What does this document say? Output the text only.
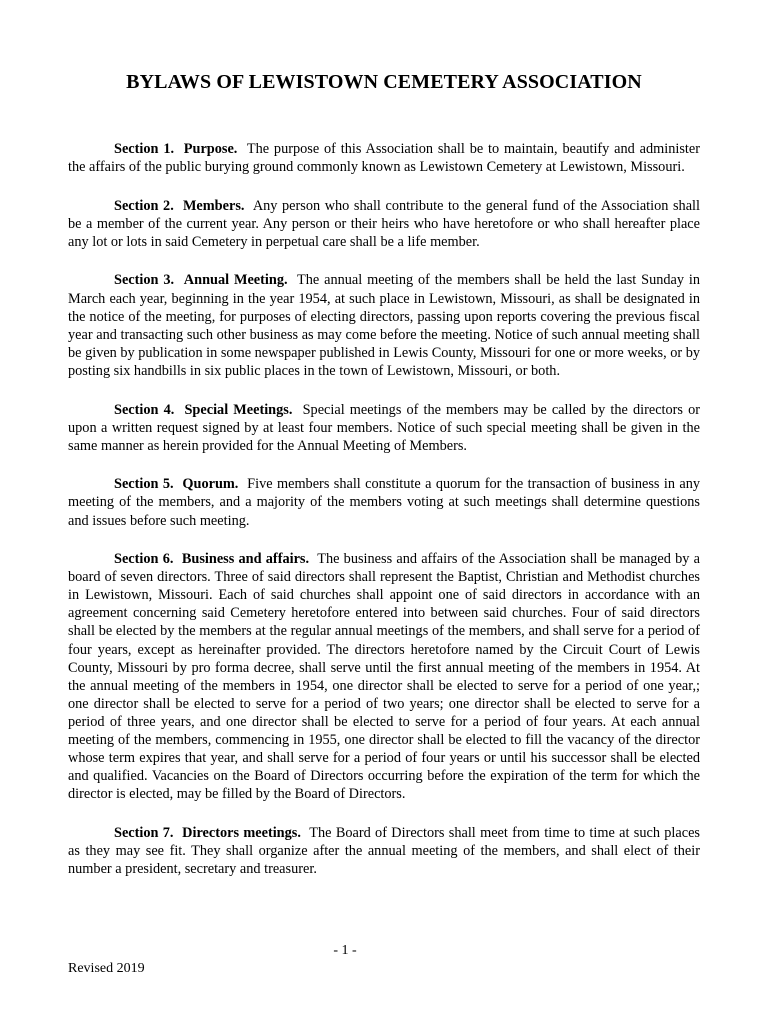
BYLAWS OF LEWISTOWN CEMETERY ASSOCIATION

Section 1. Purpose. The purpose of this Association shall be to maintain, beautify and administer the affairs of the public burying ground commonly known as Lewistown Cemetery at Lewistown, Missouri.

Section 2. Members. Any person who shall contribute to the general fund of the Association shall be a member of the current year. Any person or their heirs who have heretofore or who shall hereafter place any lot or lots in said Cemetery in perpetual care shall be a life member.

Section 3. Annual Meeting. The annual meeting of the members shall be held the last Sunday in March each year, beginning in the year 1954, at such place in Lewistown, Missouri, as shall be designated in the notice of the meeting, for purposes of electing directors, passing upon reports covering the previous fiscal year and transacting such other business as may come before the meeting. Notice of such annual meeting shall be given by publication in some newspaper published in Lewis County, Missouri for one or more weeks, or by posting six handbills in six public places in the town of Lewistown, Missouri, or both.

Section 4. Special Meetings. Special meetings of the members may be called by the directors or upon a written request signed by at least four members. Notice of such special meeting shall be given in the same manner as herein provided for the Annual Meeting of Members.

Section 5. Quorum. Five members shall constitute a quorum for the transaction of business in any meeting of the members, and a majority of the members voting at such meetings shall determine questions and issues before such meeting.

Section 6. Business and affairs. The business and affairs of the Association shall be managed by a board of seven directors. Three of said directors shall represent the Baptist, Christian and Methodist churches in Lewistown, Missouri. Each of said churches shall appoint one of said directors in accordance with an agreement concerning said Cemetery heretofore entered into between said churches. Four of said directors shall be elected by the members at the regular annual meetings of the members, and shall serve for a period of four years, except as hereinafter provided. The directors heretofore named by the Circuit Court of Lewis County, Missouri by pro forma decree, shall serve until the first annual meeting of the members in 1954. At the annual meeting of the members in 1954, one director shall be elected to serve for a period of one year,; one director shall be elected to serve for a period of two years; one director shall be elected to serve for a period of three years, and one director shall be elected to serve for a period of four years. At each annual meeting of the members, commencing in 1955, one director shall be elected to fill the vacancy of the director whose term expires that year, and shall serve for a period of four years or until his successor shall be elected and qualified. Vacancies on the Board of Directors occurring before the expiration of the term for which the director is elected, may be filled by the Board of Directors.

Section 7. Directors meetings. The Board of Directors shall meet from time to time at such places as they may see fit. They shall organize after the annual meeting of the members, and shall elect of their number a president, secretary and treasurer.

- 1 -
Revised 2019
